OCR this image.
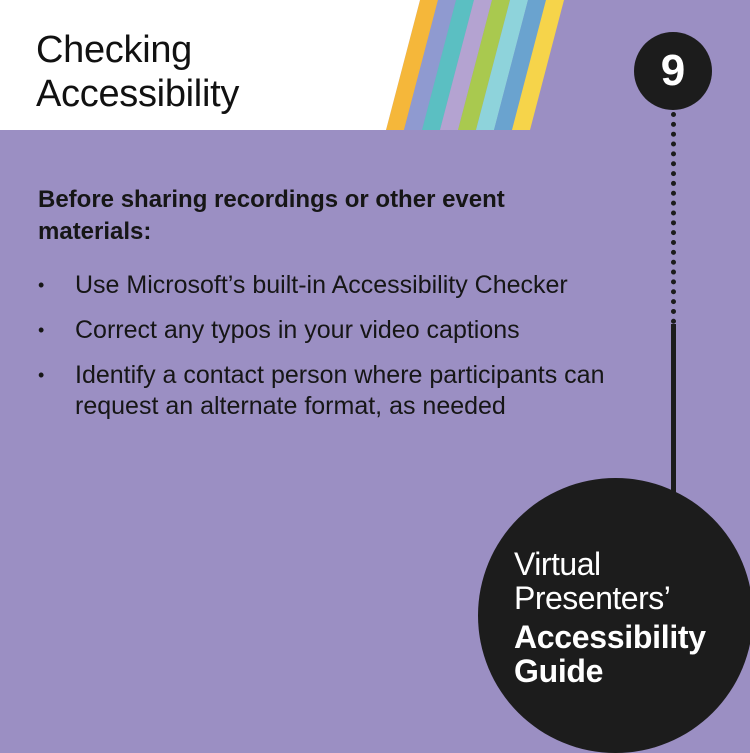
Checking
Accessibility	9

Before sharing recordings or other event materials:

• Use Microsoft’s built-in Accessibility Checker
• Correct any typos in your video captions
• Identify a contact person where participants can request an alternate format, as needed
Virtual
Presenters’
Accessibility
Guide
